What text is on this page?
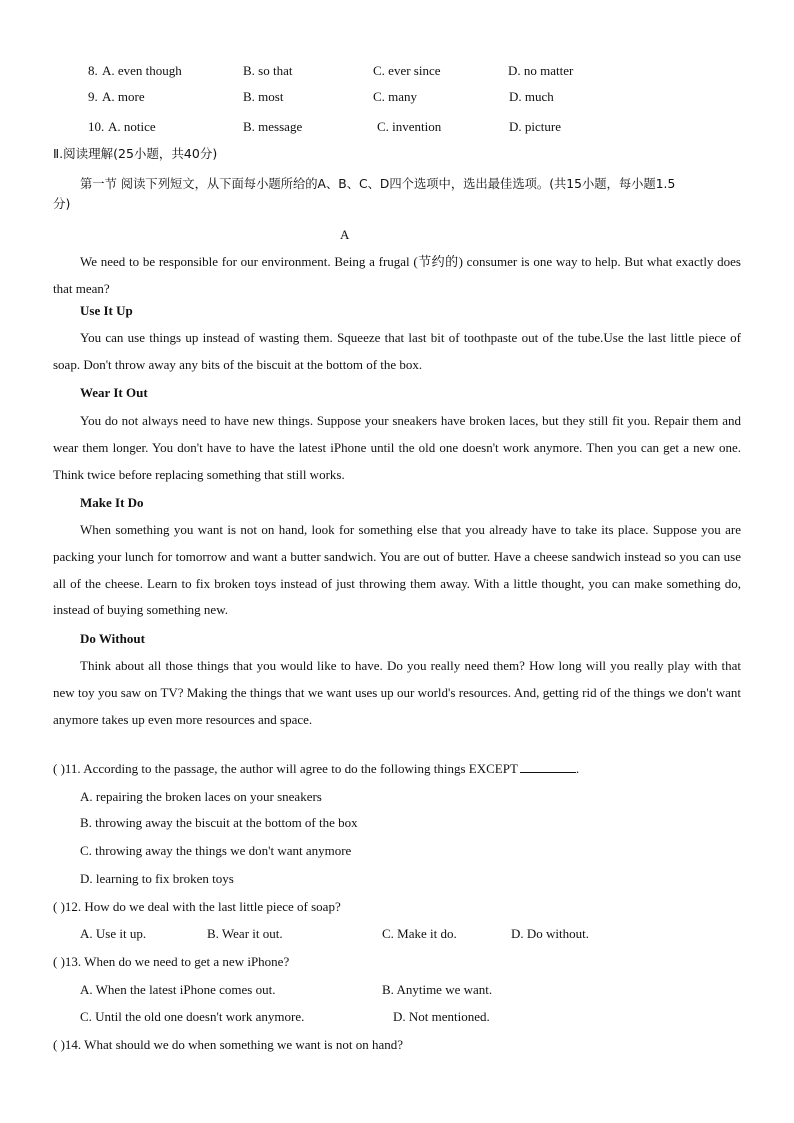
8. A. even though	B. so that	C. ever since	D. no matter
9. A. more	B. most	C. many	D. much
10. A. notice	B. message	C. invention	D. picture
Ⅱ.阅读理解(25小题，共40分)
第一节 阅读下列短文，从下面每小题所给的A、B、C、D四个选项中，选出最佳选项。(共15小题，每小题1.5
分)
A
We need to be responsible for our environment. Being a frugal (节约的) consumer is one way to help. But what exactly does that mean?
Use It Up
You can use things up instead of wasting them. Squeeze that last bit of toothpaste out of the tube.Use the last little piece of soap. Don't throw away any bits of the biscuit at the bottom of the box.
Wear It Out
You do not always need to have new things. Suppose your sneakers have broken laces, but they still fit you. Repair them and wear them longer. You don't have to have the latest iPhone until the old one doesn't work anymore. Then you can get a new one. Think twice before replacing something that still works.
Make It Do
When something you want is not on hand, look for something else that you already have to take its place. Suppose you are packing your lunch for tomorrow and want a butter sandwich. You are out of butter. Have a cheese sandwich instead so you can use all of the cheese. Learn to fix broken toys instead of just throwing them away. With a little thought, you can make something do, instead of buying something new.
Do Without
Think about all those things that you would like to have. Do you really need them? How long will you really play with that new toy you saw on TV? Making the things that we want uses up our world's resources. And, getting rid of the things we don't want anymore takes up even more resources and space.
( )11. According to the passage, the author will agree to do the following things EXCEPT	.
A. repairing the broken laces on your sneakers
B. throwing away the biscuit at the bottom of the box
C. throwing away the things we don't want anymore
D. learning to fix broken toys
( )12. How do we deal with the last little piece of soap?
A. Use it up.	B. Wear it out.	C. Make it do.	D. Do without.
( )13. When do we need to get a new iPhone?
A. When the latest iPhone comes out.	B. Anytime we want.
C. Until the old one doesn't work anymore.	D. Not mentioned.
( )14. What should we do when something we want is not on hand?
